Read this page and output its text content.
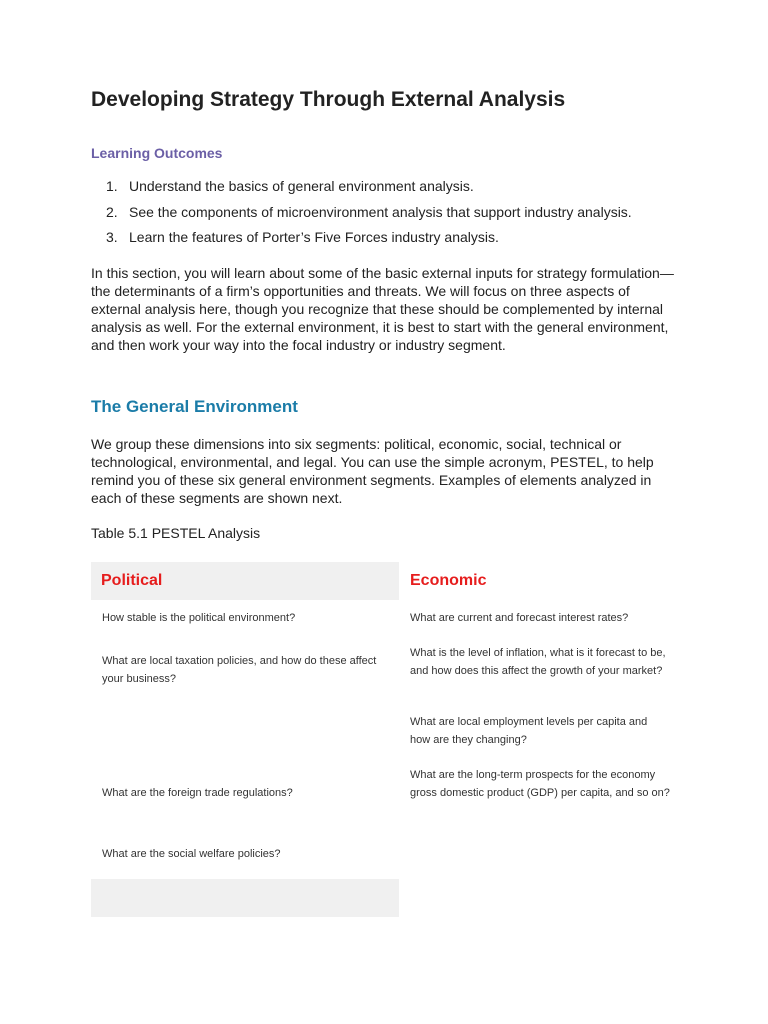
Developing Strategy Through External Analysis
Learning Outcomes
1. Understand the basics of general environment analysis.
2. See the components of microenvironment analysis that support industry analysis.
3. Learn the features of Porter’s Five Forces industry analysis.

In this section, you will learn about some of the basic external inputs for strategy formulation—the determinants of a firm’s opportunities and threats. We will focus on three aspects of external analysis here, though you recognize that these should be complemented by internal analysis as well. For the external environment, it is best to start with the general environment, and then work your way into the focal industry or industry segment.

The General Environment

We group these dimensions into six segments: political, economic, social, technical or technological, environmental, and legal. You can use the simple acronym, PESTEL, to help remind you of these six general environment segments. Examples of elements analyzed in each of these segments are shown next.

Table 5.1 PESTEL Analysis

Political	Economic
How stable is the political environment?
What are local taxation policies, and how do these affect your business?
What are the foreign trade regulations?
What are the social welfare policies?
What are current and forecast interest rates?
What is the level of inflation, what is it forecast to be, and how does this affect the growth of your market?
What are local employment levels per capita and how are they changing?
What are the long-term prospects for the economy gross domestic product (GDP) per capita, and so on?
